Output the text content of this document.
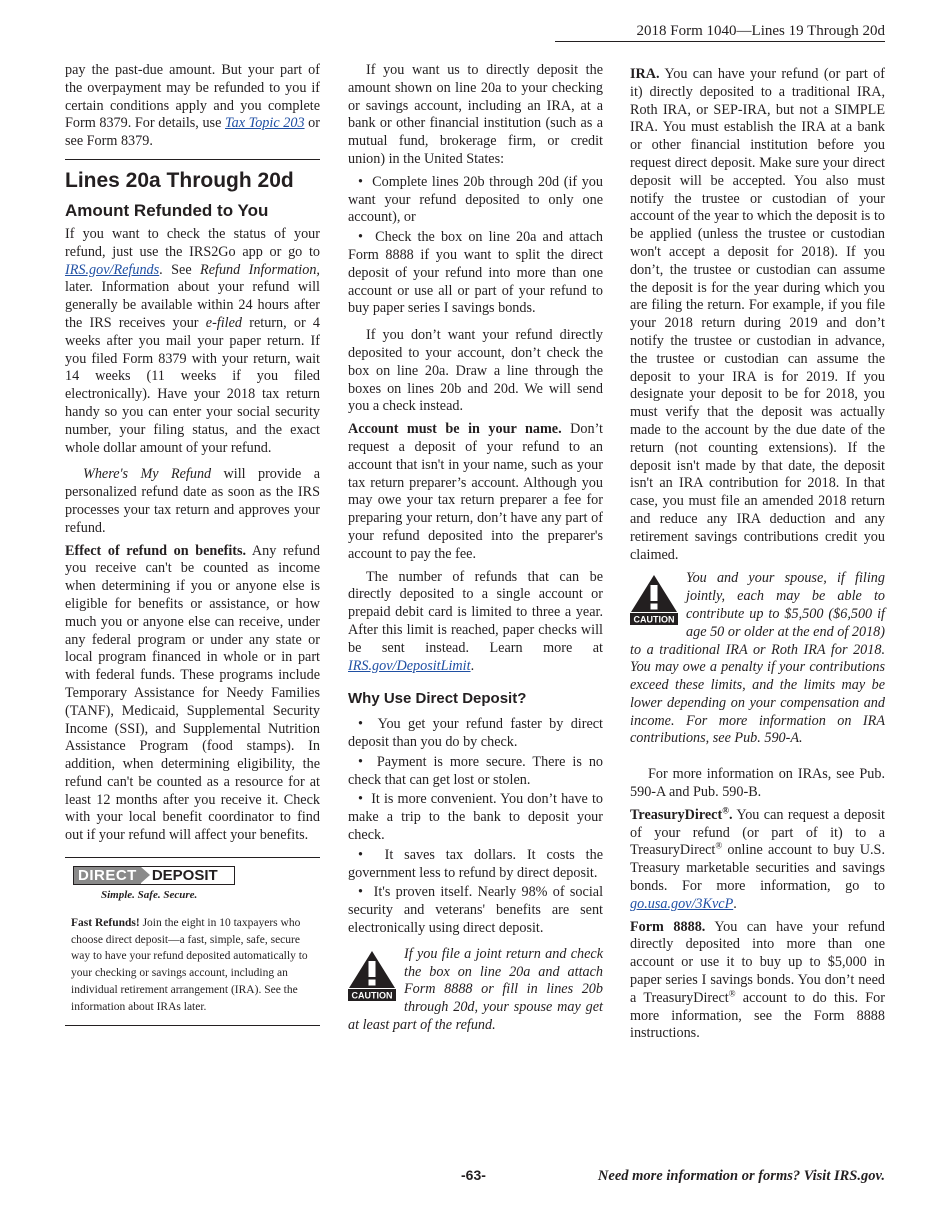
2018 Form 1040—Lines 19 Through 20d

pay the past-due amount. But your part of the overpayment may be refunded to you if certain conditions apply and you complete Form 8379. For details, use Tax Topic 203 or see Form 8379.

Lines 20a Through 20d
Amount Refunded to You

If you want to check the status of your refund, just use the IRS2Go app or go to IRS.gov/Refunds. See Refund Information, later. Information about your refund will generally be available within 24 hours after the IRS receives your e-filed return, or 4 weeks after you mail your paper return. If you filed Form 8379 with your return, wait 14 weeks (11 weeks if you filed electronically). Have your 2018 tax return handy so you can enter your social security number, your filing status, and the exact whole dollar amount of your refund.

Where's My Refund will provide a personalized refund date as soon as the IRS processes your tax return and approves your refund.

Effect of refund on benefits. Any refund you receive can't be counted as income when determining if you or anyone else is eligible for benefits or assistance, or how much you or anyone else can receive, under any federal program or under any state or local program financed in whole or in part with federal funds. These programs include Temporary Assistance for Needy Families (TANF), Medicaid, Supplemental Security Income (SSI), and Supplemental Nutrition Assistance Program (food stamps). In addition, when determining eligibility, the refund can't be counted as a resource for at least 12 months after you receive it. Check with your local benefit coordinator to find out if your refund will affect your benefits.

DIRECT DEPOSIT
Simple. Safe. Secure.

Fast Refunds! Join the eight in 10 taxpayers who choose direct deposit—a fast, simple, safe, secure way to have your refund deposited automatically to your checking or savings account, including an individual retirement arrangement (IRA). See the information about IRAs later.

If you want us to directly deposit the amount shown on line 20a to your checking or savings account, including an IRA, at a bank or other financial institution (such as a mutual fund, brokerage firm, or credit union) in the United States:

•  Complete lines 20b through 20d (if you want your refund deposited to only one account), or

•  Check the box on line 20a and attach Form 8888 if you want to split the direct deposit of your refund into more than one account or use all or part of your refund to buy paper series I savings bonds.

If you don’t want your refund directly deposited to your account, don’t check the box on line 20a. Draw a line through the boxes on lines 20b and 20d. We will send you a check instead.

Account must be in your name. Don’t request a deposit of your refund to an account that isn't in your name, such as your tax return preparer’s account. Although you may owe your tax return preparer a fee for preparing your return, don’t have any part of your refund deposited into the preparer's account to pay the fee.

The number of refunds that can be directly deposited to a single account or prepaid debit card is limited to three a year. After this limit is reached, paper checks will be sent instead. Learn more at IRS.gov/DepositLimit.

Why Use Direct Deposit?

•  You get your refund faster by direct deposit than you do by check.

•  Payment is more secure. There is no check that can get lost or stolen.

•  It is more convenient. You don’t have to make a trip to the bank to deposit your check.

•  It saves tax dollars. It costs the government less to refund by direct deposit.

•  It's proven itself. Nearly 98% of social security and veterans' benefits are sent electronically using direct deposit.

CAUTION

If you file a joint return and check the box on line 20a and attach Form 8888 or fill in lines 20b through 20d, your spouse may get at least part of the refund.

IRA. You can have your refund (or part of it) directly deposited to a traditional IRA, Roth IRA, or SEP-IRA, but not a SIMPLE IRA. You must establish the IRA at a bank or other financial institution before you request direct deposit. Make sure your direct deposit will be accepted. You also must notify the trustee or custodian of your account of the year to which the deposit is to be applied (unless the trustee or custodian won't accept a deposit for 2018). If you don’t, the trustee or custodian can assume the deposit is for the year during which you are filing the return. For example, if you file your 2018 return during 2019 and don’t notify the trustee or custodian in advance, the trustee or custodian can assume the deposit to your IRA is for 2019. If you designate your deposit to be for 2018, you must verify that the deposit was actually made to the account by the due date of the return (not counting extensions). If the deposit isn't made by that date, the deposit isn't an IRA contribution for 2018. In that case, you must file an amended 2018 return and reduce any IRA deduction and any retirement savings contributions credit you claimed.

CAUTION

You and your spouse, if filing jointly, each may be able to contribute up to $5,500 ($6,500 if age 50 or older at the end of 2018) to a traditional IRA or Roth IRA for 2018. You may owe a penalty if your contributions exceed these limits, and the limits may be lower depending on your compensation and income. For more information on IRA contributions, see Pub. 590-A.

For more information on IRAs, see Pub. 590-A and Pub. 590-B.

TreasuryDirect®. You can request a deposit of your refund (or part of it) to a TreasuryDirect® online account to buy U.S. Treasury marketable securities and savings bonds. For more information, go to go.usa.gov/3KvcP.

Form 8888. You can have your refund directly deposited into more than one account or use it to buy up to $5,000 in paper series I savings bonds. You don’t need a TreasuryDirect® account to do this. For more information, see the Form 8888 instructions.

-63-	Need more information or forms? Visit IRS.gov.
